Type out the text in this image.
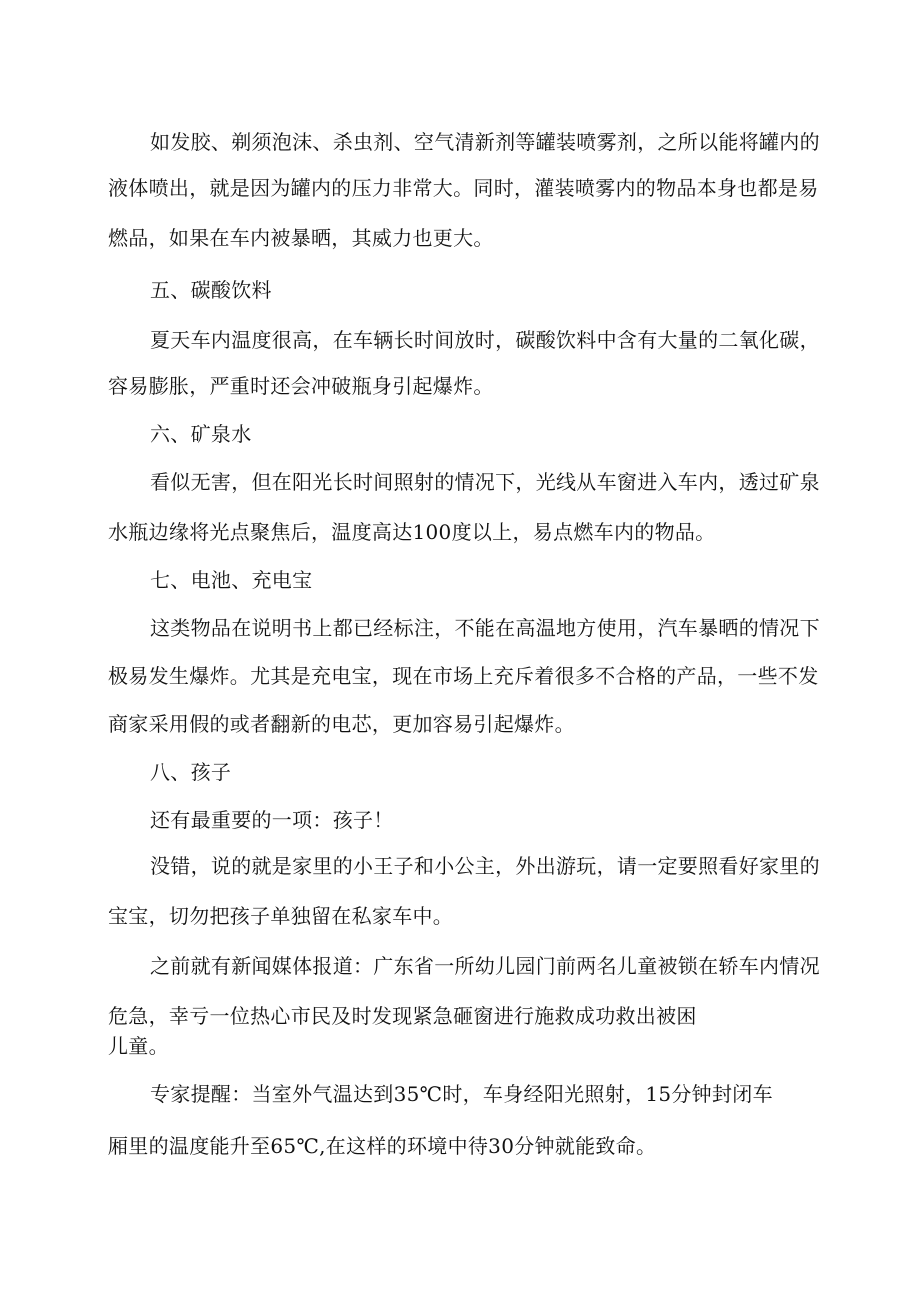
如发胶、剃须泡沫、杀虫剂、空气清新剂等罐装喷雾剂，之所以能将罐内的
液体喷出，就是因为罐内的压力非常大。同时，灌装喷雾内的物品本身也都是易
燃品，如果在车内被暴晒，其威力也更大。
五、碳酸饮料
夏天车内温度很高，在车辆长时间放时，碳酸饮料中含有大量的二氧化碳，
容易膨胀，严重时还会冲破瓶身引起爆炸。
六、矿泉水
看似无害，但在阳光长时间照射的情况下，光线从车窗进入车内，透过矿泉
水瓶边缘将光点聚焦后，温度高达100度以上，易点燃车内的物品。
七、电池、充电宝
这类物品在说明书上都已经标注，不能在高温地方使用，汽车暴晒的情况下
极易发生爆炸。尤其是充电宝，现在市场上充斥着很多不合格的产品，一些不发
商家采用假的或者翻新的电芯，更加容易引起爆炸。
八、孩子
还有最重要的一项：孩子！
没错，说的就是家里的小王子和小公主，外出游玩，请一定要照看好家里的
宝宝，切勿把孩子单独留在私家车中。
之前就有新闻媒体报道：广东省一所幼儿园门前两名儿童被锁在轿车内情况
危急，幸亏一位热心市民及时发现紧急砸窗进行施救成功救出被困
儿童。
专家提醒：当室外气温达到35℃时，车身经阳光照射，15分钟封闭车
厢里的温度能升至65℃,在这样的环境中待30分钟就能致命。
